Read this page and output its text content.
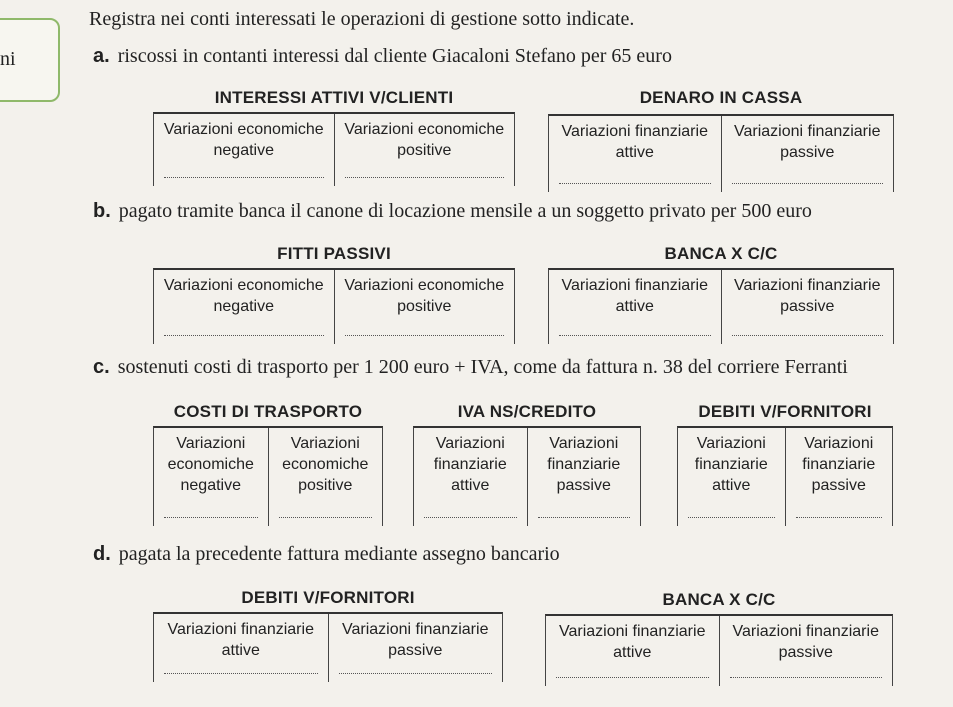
ni
Registra nei conti interessati le operazioni di gestione sotto indicate.
a. riscossi in contanti interessi dal cliente Giacaloni Stefano per 65 euro
b. pagato tramite banca il canone di locazione mensile a un soggetto privato per 500 euro
c. sostenuti costi di trasporto per 1 200 euro + IVA, come da fattura n. 38 del corriere Ferranti
d. pagata la precedente fattura mediante assegno bancario
INTERESSI ATTIVI V/CLIENTI
Variazioni economiche negative
Variazioni economiche positive
DENARO IN CASSA
Variazioni finanziarie attive
Variazioni finanziarie passive
FITTI PASSIVI
Variazioni economiche negative
Variazioni economiche positive
BANCA X C/C
Variazioni finanziarie attive
Variazioni finanziarie passive
COSTI DI TRASPORTO
Variazioni economiche negative
Variazioni economiche positive
IVA NS/CREDITO
Variazioni finanziarie attive
Variazioni finanziarie passive
DEBITI V/FORNITORI
Variazioni finanziarie attive
Variazioni finanziarie passive
DEBITI V/FORNITORI
Variazioni finanziarie attive
Variazioni finanziarie passive
BANCA X C/C
Variazioni finanziarie attive
Variazioni finanziarie passive
